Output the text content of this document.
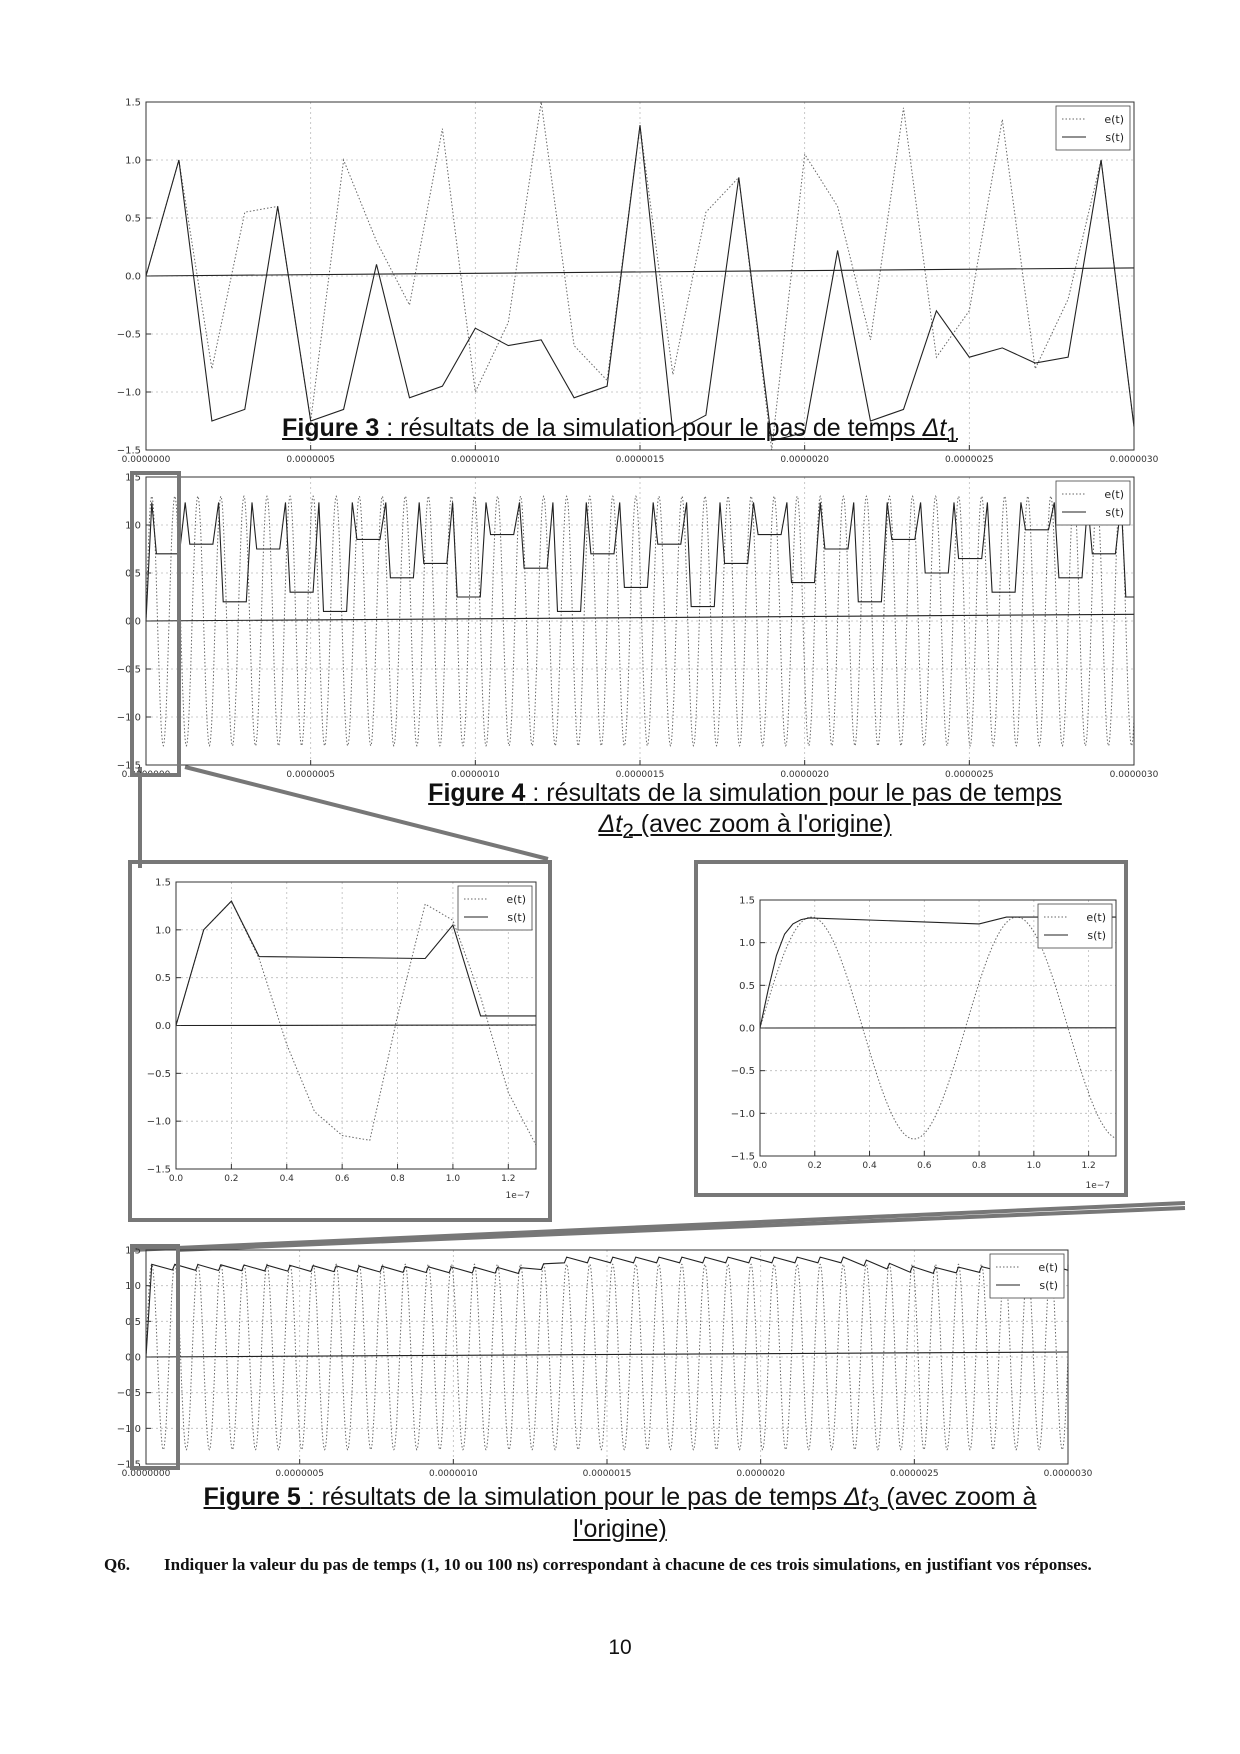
1.5
1.0
0.5
0.0
−0.5
−1.0
−1.5
0.0000000	0.0000005	0.0000010	0.0000015	0.0000020	0.0000025	0.0000030
e(t)
s(t)
1.5
1.0
0.5
0.0
−0.5
−1.0
−1.5
0.0000000	0.0000005	0.0000010	0.0000015	0.0000020	0.0000025	0.0000030
e(t)
s(t)
1.5
1.0
0.5
0.0
−0.5
−1.0
−1.5
0.0	0.2	0.4	0.6	0.8	1.0	1.2
1e−7
e(t)
s(t)
1.5
1.0
0.5
0.0
−0.5
−1.0
−1.5
0.0	0.2	0.4	0.6	0.8	1.0	1.2
1e−7
e(t)
s(t)
1.5
1.0
0.5
0.0
−0.5
−1.0
−1.5
0.0000000	0.0000005	0.0000010	0.0000015	0.0000020	0.0000025	0.0000030
e(t)
s(t)
Figure 3 : résultats de la simulation pour le pas de temps $\Delta t_1$
Figure 4 : résultats de la simulation pour le pas de temps
$\Delta t_2$ (avec zoom à l'origine)
Figure 5 : résultats de la simulation pour le pas de temps $\Delta t_3$ (avec zoom à
l'origine)
Q6. Indiquer la valeur du pas de temps (1, 10 ou 100 ns) correspondant à chacune de ces trois simulations, en justifiant vos réponses.
10
